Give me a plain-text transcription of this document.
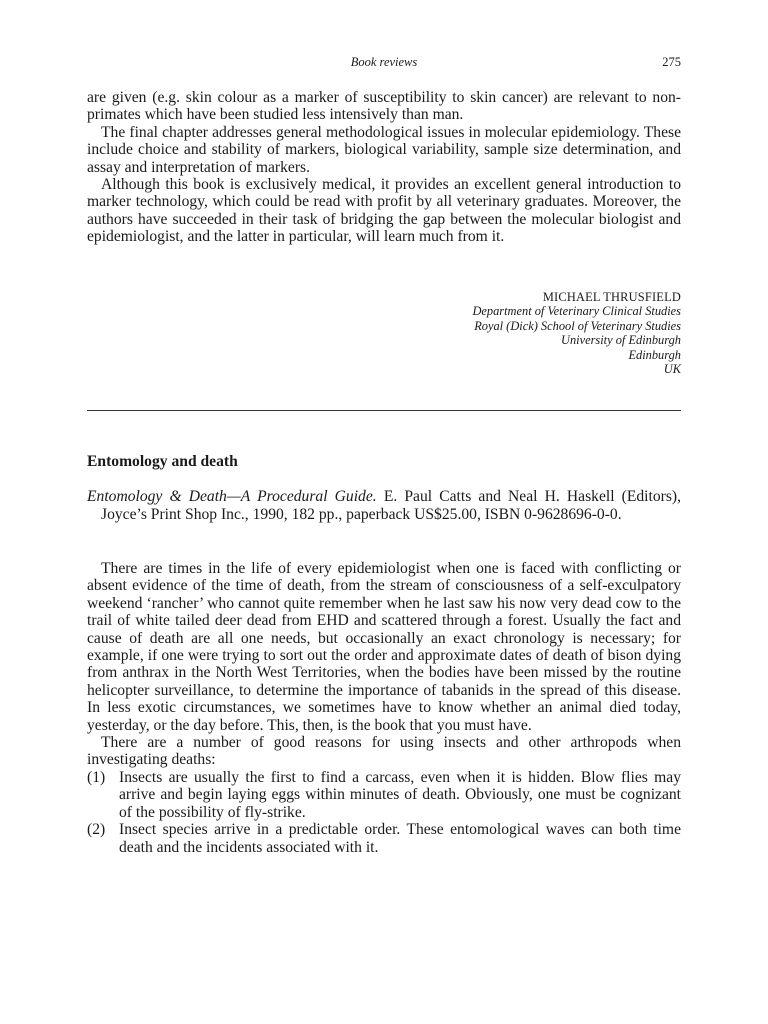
Book reviews	275

are given (e.g. skin colour as a marker of susceptibility to skin cancer) are relevant to non-primates which have been studied less intensively than man.

The final chapter addresses general methodological issues in molecular epidemiology. These include choice and stability of markers, biological variability, sample size determination, and assay and interpretation of markers.

Although this book is exclusively medical, it provides an excellent general introduction to marker technology, which could be read with profit by all veterinary graduates. Moreover, the authors have succeeded in their task of bridging the gap between the molecular biologist and epidemiologist, and the latter in particular, will learn much from it.

MICHAEL THRUSFIELD
Department of Veterinary Clinical Studies
Royal (Dick) School of Veterinary Studies
University of Edinburgh
Edinburgh
UK
Entomology and death

Entomology & Death—A Procedural Guide. E. Paul Catts and Neal H. Haskell (Editors), Joyce’s Print Shop Inc., 1990, 182 pp., paperback US$25.00, ISBN 0-9628696-0-0.

There are times in the life of every epidemiologist when one is faced with conflicting or absent evidence of the time of death, from the stream of consciousness of a self-exculpatory weekend ‘rancher’ who cannot quite remember when he last saw his now very dead cow to the trail of white tailed deer dead from EHD and scattered through a forest. Usually the fact and cause of death are all one needs, but occasionally an exact chronology is necessary; for example, if one were trying to sort out the order and approximate dates of death of bison dying from anthrax in the North West Territories, when the bodies have been missed by the routine helicopter surveillance, to determine the importance of tabanids in the spread of this disease. In less exotic circumstances, we sometimes have to know whether an animal died today, yesterday, or the day before. This, then, is the book that you must have.

There are a number of good reasons for using insects and other arthropods when investigating deaths:

(1) Insects are usually the first to find a carcass, even when it is hidden. Blow flies may arrive and begin laying eggs within minutes of death. Obviously, one must be cognizant of the possibility of fly-strike.
(2) Insect species arrive in a predictable order. These entomological waves can both time death and the incidents associated with it.
